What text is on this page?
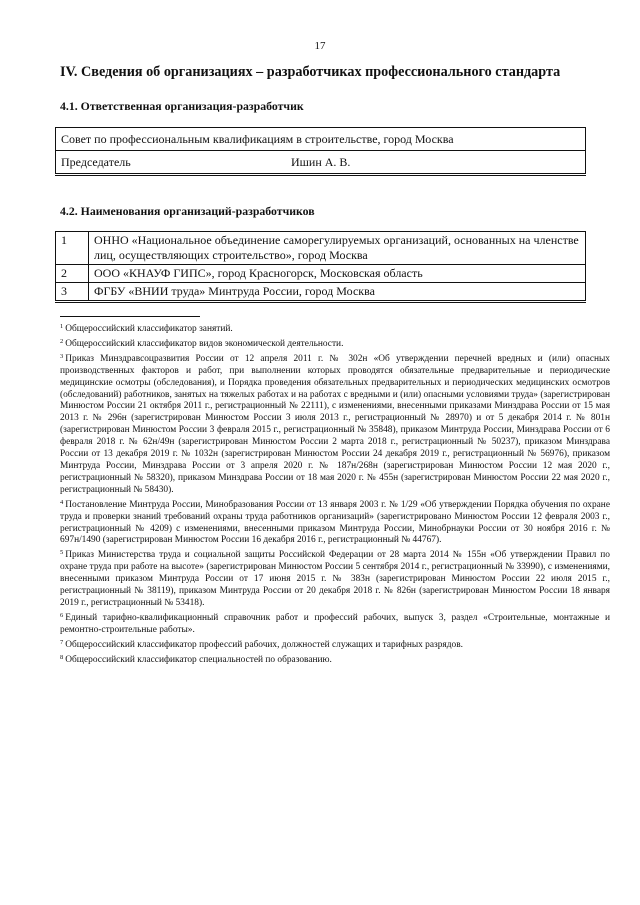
17
IV. Сведения об организациях – разработчиках профессионального стандарта
4.1. Ответственная организация-разработчик
Совет по профессиональным квалификациям в строительстве, город Москва
Председатель	Ишин А. В.
4.2. Наименования организаций-разработчиков
1	ОННО «Национальное объединение саморегулируемых организаций, основанных на членстве лиц, осуществляющих строительство», город Москва
2	ООО «КНАУФ ГИПС», город Красногорск, Московская область
3	ФГБУ «ВНИИ труда» Минтруда России, город Москва

$^1$ Общероссийский классификатор занятий.

$^2$ Общероссийский классификатор видов экономической деятельности.

$^3$ Приказ Минздравсоцразвития России от 12 апреля 2011 г. № 302н «Об утверждении перечней вредных и (или) опасных производственных факторов и работ, при выполнении которых проводятся обязательные предварительные и периодические медицинские осмотры (обследования), и Порядка проведения обязательных предварительных и периодических медицинских осмотров (обследований) работников, занятых на тяжелых работах и на работах с вредными и (или) опасными условиями труда» (зарегистрирован Минюстом России 21 октября 2011 г., регистрационный № 22111), с изменениями, внесенными приказами Минздрава России от 15 мая 2013 г. № 296н (зарегистрирован Минюстом России 3 июля 2013 г., регистрационный № 28970) и от 5 декабря 2014 г. № 801н (зарегистрирован Минюстом России 3 февраля 2015 г., регистрационный № 35848), приказом Минтруда России, Минздрава России от 6 февраля 2018 г. № 62н/49н (зарегистрирован Минюстом России 2 марта 2018 г., регистрационный № 50237), приказом Минздрава России от 13 декабря 2019 г. № 1032н (зарегистрирован Минюстом России 24 декабря 2019 г., регистрационный № 56976), приказом Минтруда России, Минздрава России от 3 апреля 2020 г. № 187н/268н (зарегистрирован Минюстом России 12 мая 2020 г., регистрационный № 58320), приказом Минздрава России от 18 мая 2020 г. № 455н (зарегистрирован Минюстом России 22 мая 2020 г., регистрационный № 58430).

$^4$ Постановление Минтруда России, Минобразования России от 13 января 2003 г. № 1/29 «Об утверждении Порядка обучения по охране труда и проверки знаний требований охраны труда работников организаций» (зарегистрировано Минюстом России 12 февраля 2003 г., регистрационный № 4209) с изменениями, внесенными приказом Минтруда России, Минобрнауки России от 30 ноября 2016 г. № 697н/1490 (зарегистрирован Минюстом России 16 декабря 2016 г., регистрационный № 44767).

$^5$ Приказ Министерства труда и социальной защиты Российской Федерации от 28 марта 2014 № 155н «Об утверждении Правил по охране труда при работе на высоте» (зарегистрирован Минюстом России 5 сентября 2014 г., регистрационный № 33990), с изменениями, внесенными приказом Минтруда России от 17 июня 2015 г. № 383н (зарегистрирован Минюстом России 22 июля 2015 г., регистрационный № 38119), приказом Минтруда России от 20 декабря 2018 г. № 826н (зарегистрирован Минюстом России 18 января 2019 г., регистрационный № 53418).

$^6$ Единый тарифно-квалификационный справочник работ и профессий рабочих, выпуск 3, раздел «Строительные, монтажные и ремонтно-строительные работы».

$^7$ Общероссийский классификатор профессий рабочих, должностей служащих и тарифных разрядов.

$^8$ Общероссийский классификатор специальностей по образованию.
